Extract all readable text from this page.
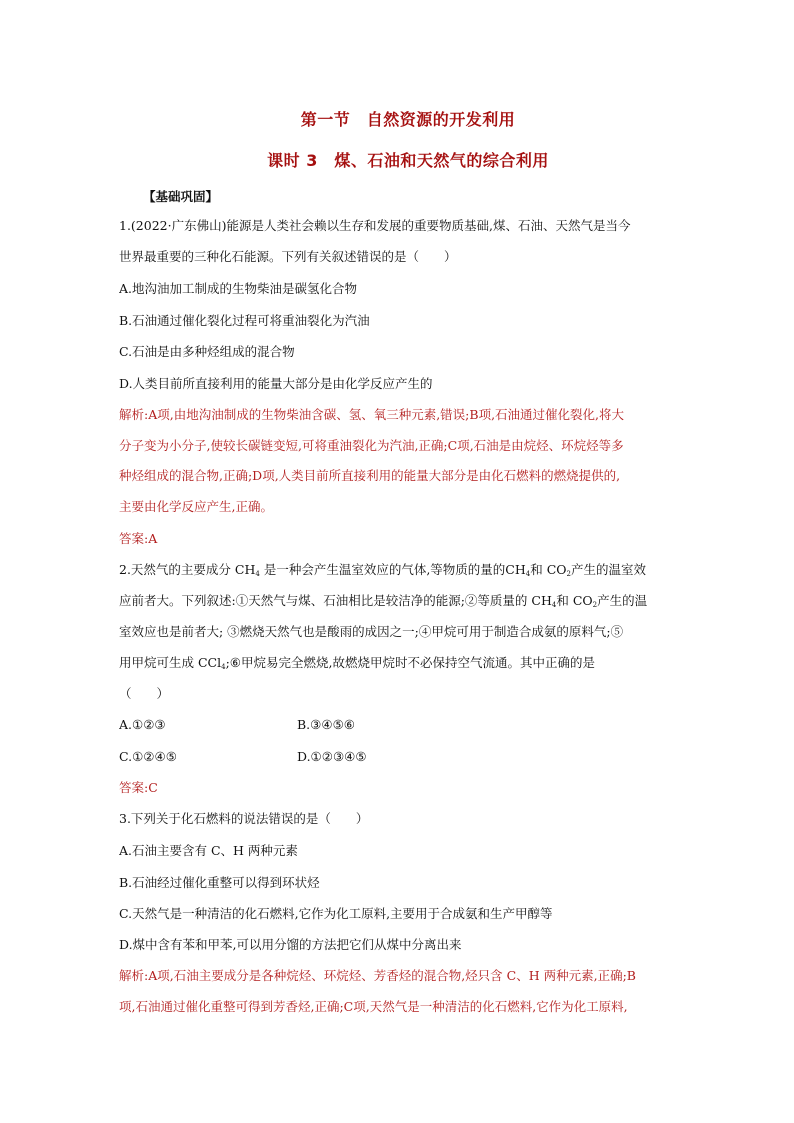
第一节　自然资源的开发利用
课时 3　煤、石油和天然气的综合利用
【基础巩固】
1.(2022·广东佛山)能源是人类社会赖以生存和发展的重要物质基础,煤、石油、天然气是当今
世界最重要的三种化石能源。下列有关叙述错误的是（　　）
A.地沟油加工制成的生物柴油是碳氢化合物
B.石油通过催化裂化过程可将重油裂化为汽油
C.石油是由多种烃组成的混合物
D.人类目前所直接利用的能量大部分是由化学反应产生的
解析:A项,由地沟油制成的生物柴油含碳、氢、氧三种元素,错误;B项,石油通过催化裂化,将大
分子变为小分子,使较长碳链变短,可将重油裂化为汽油,正确;C项,石油是由烷烃、环烷烃等多
种烃组成的混合物,正确;D项,人类目前所直接利用的能量大部分是由化石燃料的燃烧提供的,
主要由化学反应产生,正确。
答案:A
2.天然气的主要成分 $CH_4$ 是一种会产生温室效应的气体,等物质的量的$CH_4$和 $CO_2$产生的温室效
应前者大。下列叙述:①天然气与煤、石油相比是较洁净的能源;②等质量的 $CH_4$和 $CO_2$产生的温
室效应也是前者大; ③燃烧天然气也是酸雨的成因之一;④甲烷可用于制造合成氨的原料气;⑤
用甲烷可生成 CCl$_4$;⑥甲烷易完全燃烧,故燃烧甲烷时不必保持空气流通。其中正确的是
（　　）
A.①②③	B.③④⑤⑥
C.①②④⑤	D.①②③④⑤
答案:C
3.下列关于化石燃料的说法错误的是（　　）
A.石油主要含有 C、H 两种元素
B.石油经过催化重整可以得到环状烃
C.天然气是一种清洁的化石燃料,它作为化工原料,主要用于合成氨和生产甲醇等
D.煤中含有苯和甲苯,可以用分馏的方法把它们从煤中分离出来
解析:A项,石油主要成分是各种烷烃、环烷烃、芳香烃的混合物,烃只含 C、H 两种元素,正确;B
项,石油通过催化重整可得到芳香烃,正确;C项,天然气是一种清洁的化石燃料,它作为化工原料,
